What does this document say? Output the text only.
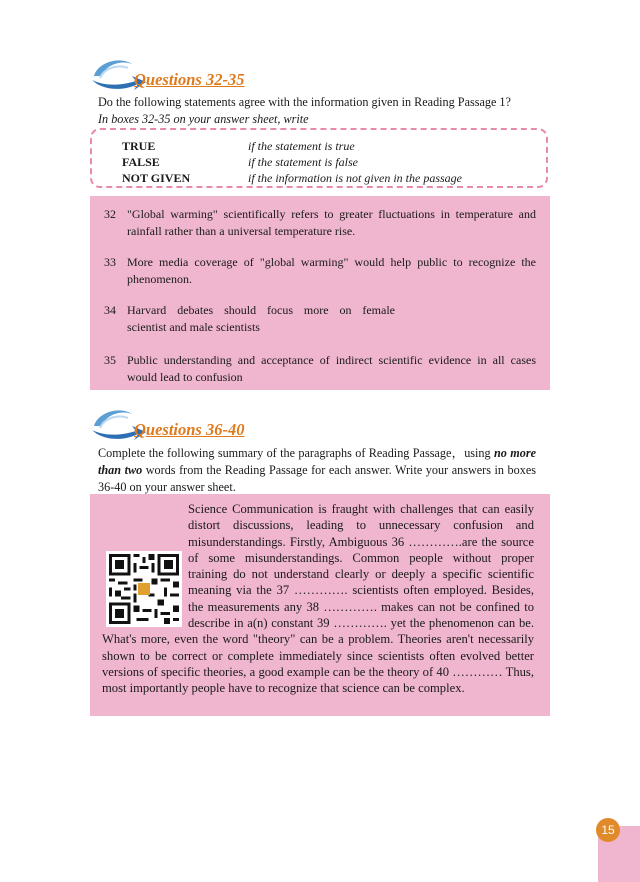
Questions 32-35
Do the following statements agree with the information given in Reading Passage 1?
In boxes 32-35 on your answer sheet, write
TRUE	if the statement is true
FALSE	if the statement is false
NOT GIVEN	if the information is not given in the passage
32 "Global warming" scientifically refers to greater fluctuations in temperature and rainfall rather than a universal temperature rise.
33 More media coverage of "global warming" would help public to recognize the phenomenon.
34 Harvard debates should focus more on female
scientist and male scientists
35 Public understanding and acceptance of indirect scientific evidence in all cases would lead to confusion
Questions 36-40
Complete the following summary of the paragraphs of Reading Passage，using no more than two words from the Reading Passage for each answer. Write your answers in boxes 36-40 on your answer sheet.
Science Communication is fraught with challenges that can easily distort discussions, leading to unnecessary confusion and misunderstandings. Firstly, Ambiguous 36 ………….are the source of some misunderstandings. Common people without proper training do not understand clearly or deeply a specific scientific meaning via the 37 …………. scientists often employed. Besides, the measurements any 38 …………. makes can not be confined to describe in a(n) constant 39 …………. yet the phenomenon can be. What's more, even the word "theory" can be a problem. Theories aren't necessarily shown to be correct or complete immediately since scientists often evolved better versions of specific theories, a good example can be the theory of 40 ………… Thus, most importantly people have to recognize that science can be complex.
15
